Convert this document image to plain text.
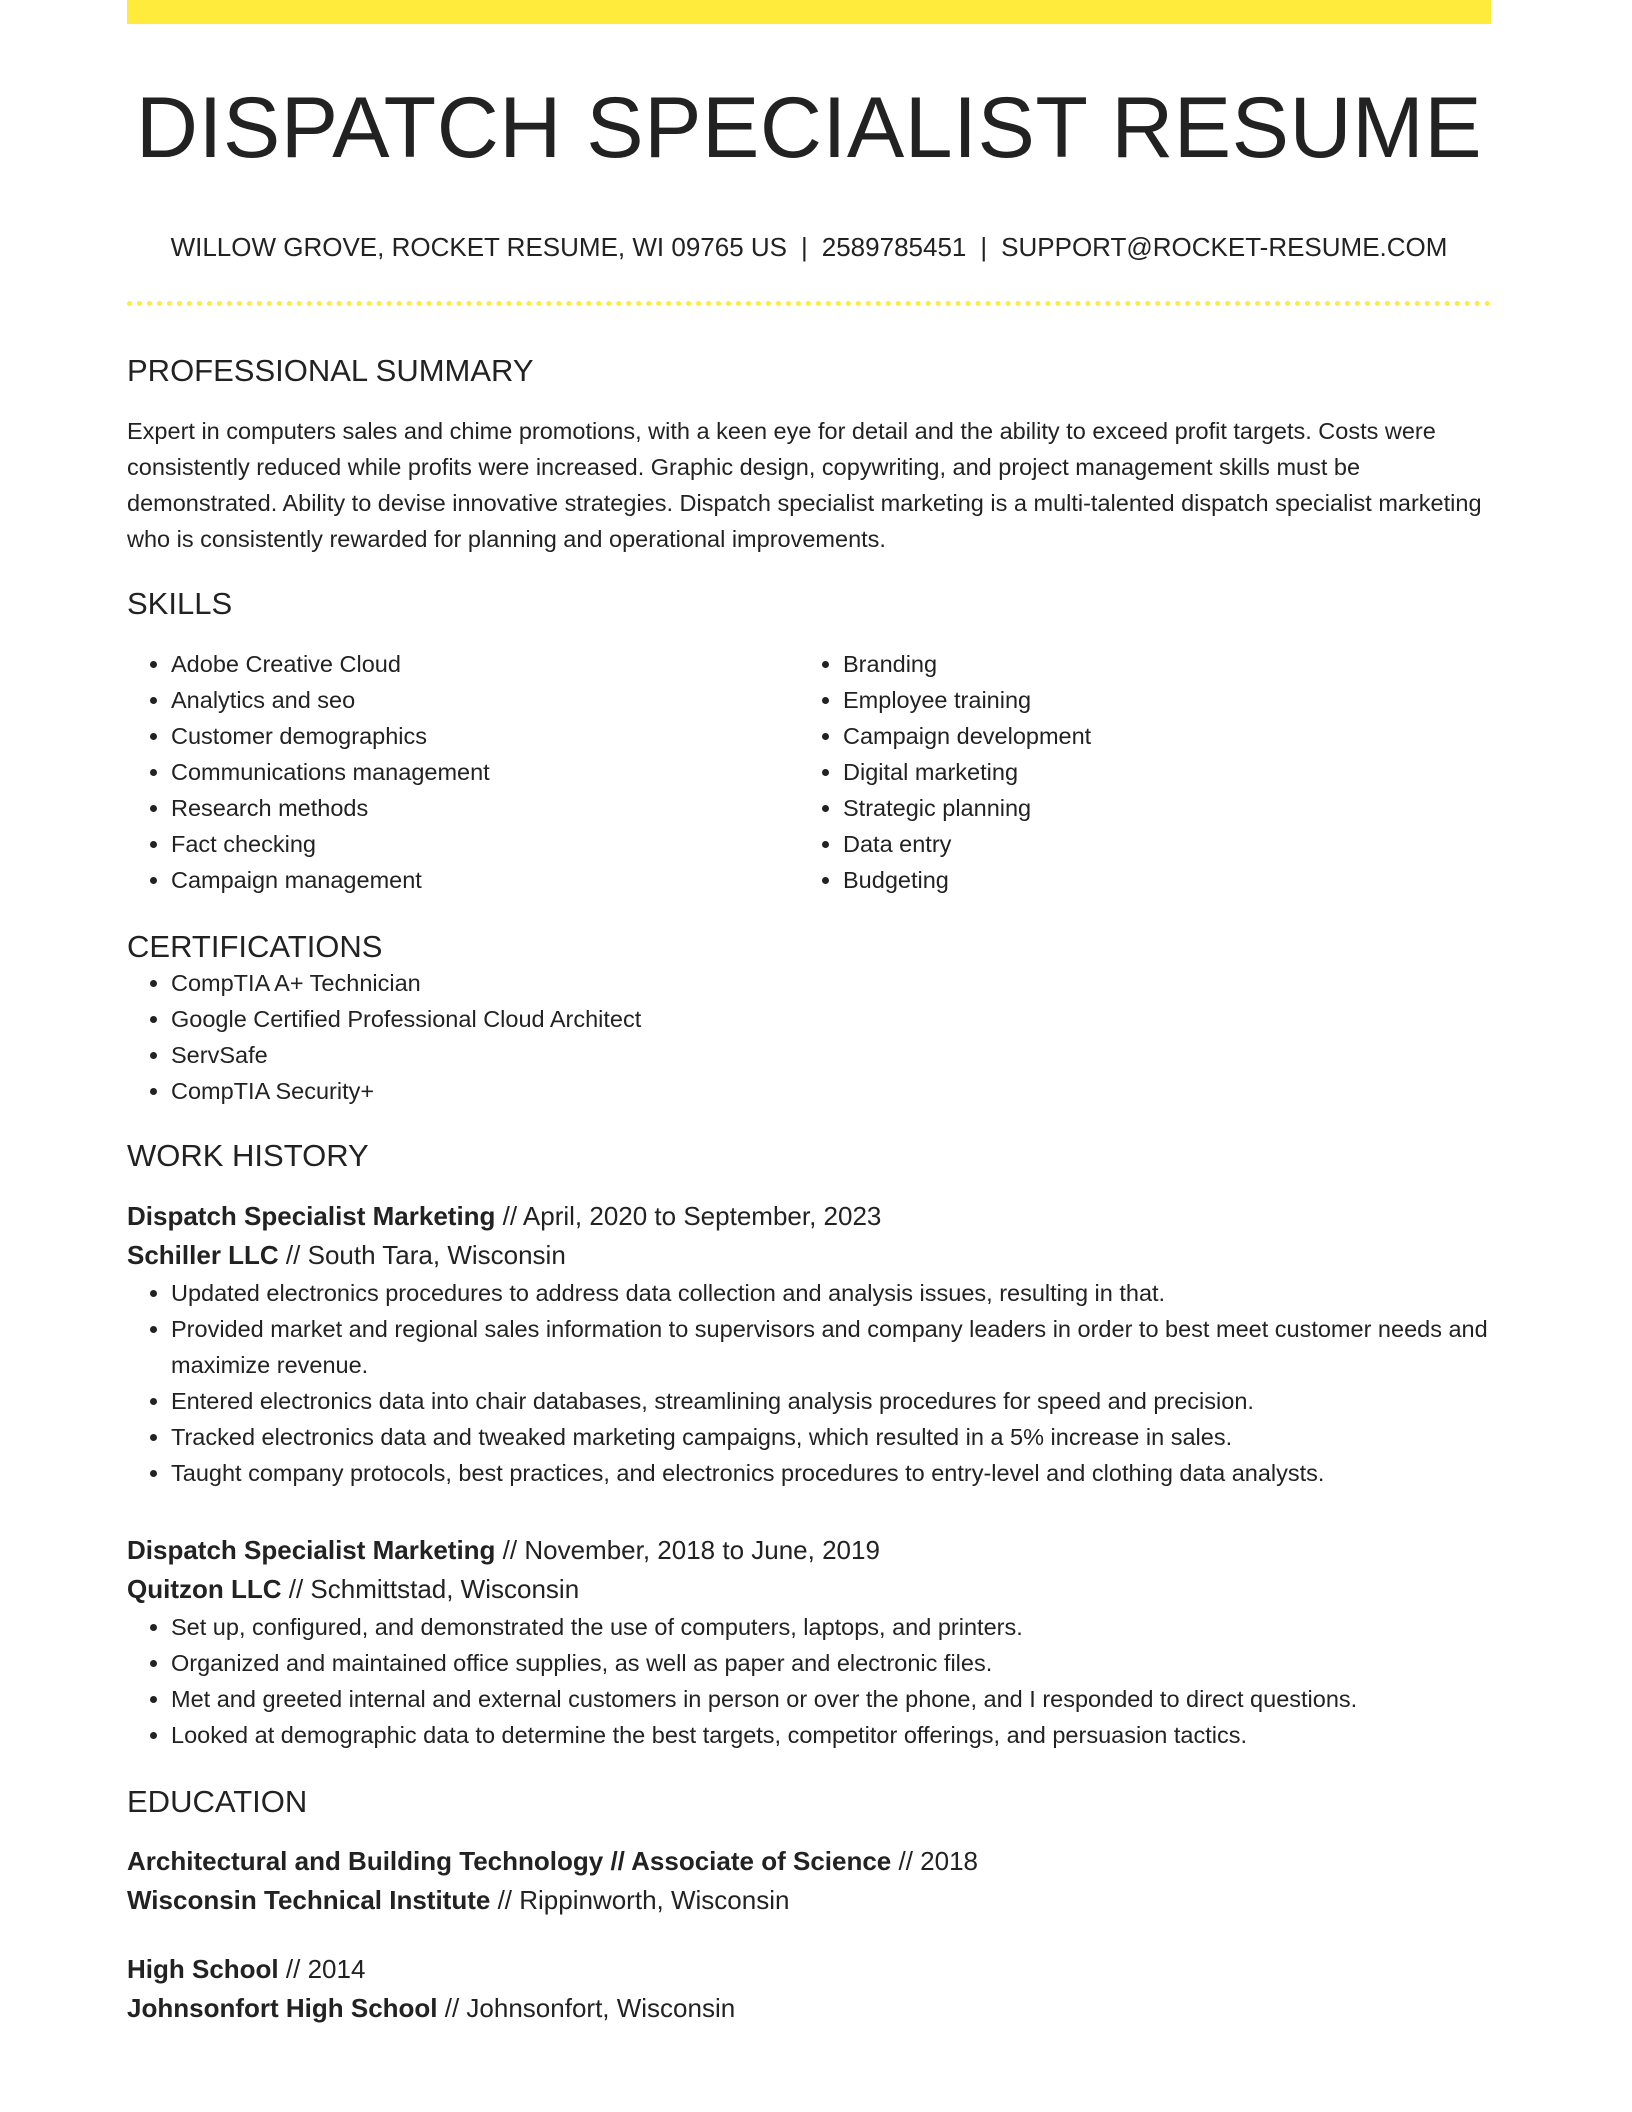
DISPATCH SPECIALIST RESUME
WILLOW GROVE, ROCKET RESUME, WI 09765 US | 2589785451 | SUPPORT@ROCKET-RESUME.COM
PROFESSIONAL SUMMARY
Expert in computers sales and chime promotions, with a keen eye for detail and the ability to exceed profit targets. Costs were consistently reduced while profits were increased. Graphic design, copywriting, and project management skills must be demonstrated. Ability to devise innovative strategies. Dispatch specialist marketing is a multi-talented dispatch specialist marketing who is consistently rewarded for planning and operational improvements.
SKILLS
• Adobe Creative Cloud
• Analytics and seo
• Customer demographics
• Communications management
• Research methods
• Fact checking
• Campaign management
• Branding
• Employee training
• Campaign development
• Digital marketing
• Strategic planning
• Data entry
• Budgeting
CERTIFICATIONS
• CompTIA A+ Technician
• Google Certified Professional Cloud Architect
• ServSafe
• CompTIA Security+
WORK HISTORY
Dispatch Specialist Marketing // April, 2020 to September, 2023
Schiller LLC // South Tara, Wisconsin
• Updated electronics procedures to address data collection and analysis issues, resulting in that.
• Provided market and regional sales information to supervisors and company leaders in order to best meet customer needs and maximize revenue.
• Entered electronics data into chair databases, streamlining analysis procedures for speed and precision.
• Tracked electronics data and tweaked marketing campaigns, which resulted in a 5% increase in sales.
• Taught company protocols, best practices, and electronics procedures to entry-level and clothing data analysts.
Dispatch Specialist Marketing // November, 2018 to June, 2019
Quitzon LLC // Schmittstad, Wisconsin
• Set up, configured, and demonstrated the use of computers, laptops, and printers.
• Organized and maintained office supplies, as well as paper and electronic files.
• Met and greeted internal and external customers in person or over the phone, and I responded to direct questions.
• Looked at demographic data to determine the best targets, competitor offerings, and persuasion tactics.
EDUCATION
Architectural and Building Technology // Associate of Science // 2018
Wisconsin Technical Institute // Rippinworth, Wisconsin
High School // 2014
Johnsonfort High School // Johnsonfort, Wisconsin
